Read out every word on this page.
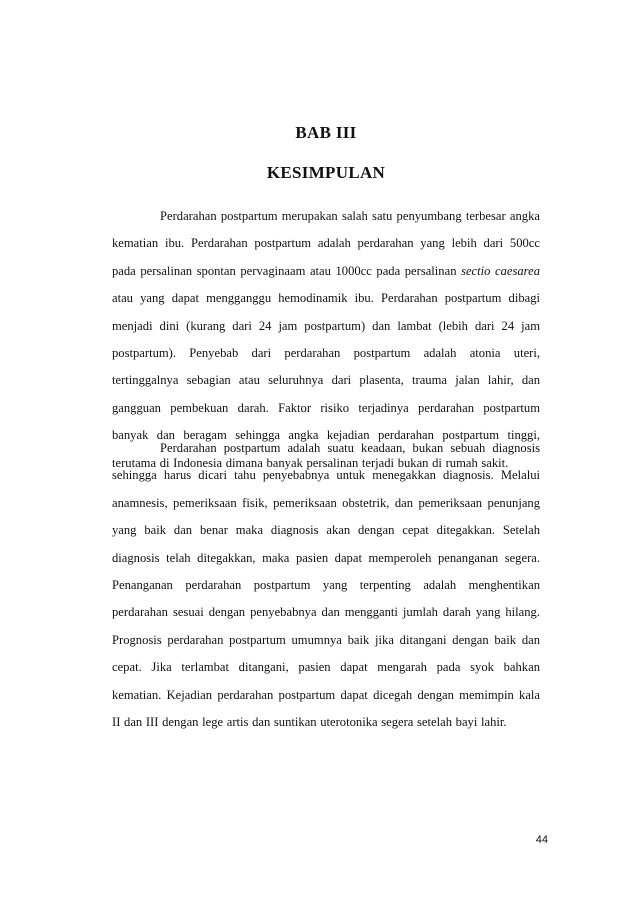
BAB III
KESIMPULAN
Perdarahan postpartum merupakan salah satu penyumbang terbesar angka
kematian ibu. Perdarahan postpartum adalah perdarahan yang lebih dari 500cc
pada persalinan spontan pervaginaam atau 1000cc pada persalinan sectio caesarea
atau yang dapat mengganggu hemodinamik ibu. Perdarahan postpartum dibagi
menjadi dini (kurang dari 24 jam postpartum) dan lambat (lebih dari 24 jam
postpartum). Penyebab dari perdarahan postpartum adalah atonia uteri,
tertinggalnya sebagian atau seluruhnya dari plasenta, trauma jalan lahir, dan
gangguan pembekuan darah. Faktor risiko terjadinya perdarahan postpartum
banyak dan beragam sehingga angka kejadian perdarahan postpartum tinggi,
terutama di Indonesia dimana banyak persalinan terjadi bukan di rumah sakit.
Perdarahan postpartum adalah suatu keadaan, bukan sebuah diagnosis
sehingga harus dicari tahu penyebabnya untuk menegakkan diagnosis. Melalui
anamnesis, pemeriksaan fisik, pemeriksaan obstetrik, dan pemeriksaan penunjang
yang baik dan benar maka diagnosis akan dengan cepat ditegakkan. Setelah
diagnosis telah ditegakkan, maka pasien dapat memperoleh penanganan segera.
Penanganan perdarahan postpartum yang terpenting adalah menghentikan
perdarahan sesuai dengan penyebabnya dan mengganti jumlah darah yang hilang.
Prognosis perdarahan postpartum umumnya baik jika ditangani dengan baik dan
cepat. Jika terlambat ditangani, pasien dapat mengarah pada syok bahkan
kematian. Kejadian perdarahan postpartum dapat dicegah dengan memimpin kala
II dan III dengan lege artis dan suntikan uterotonika segera setelah bayi lahir.
44
